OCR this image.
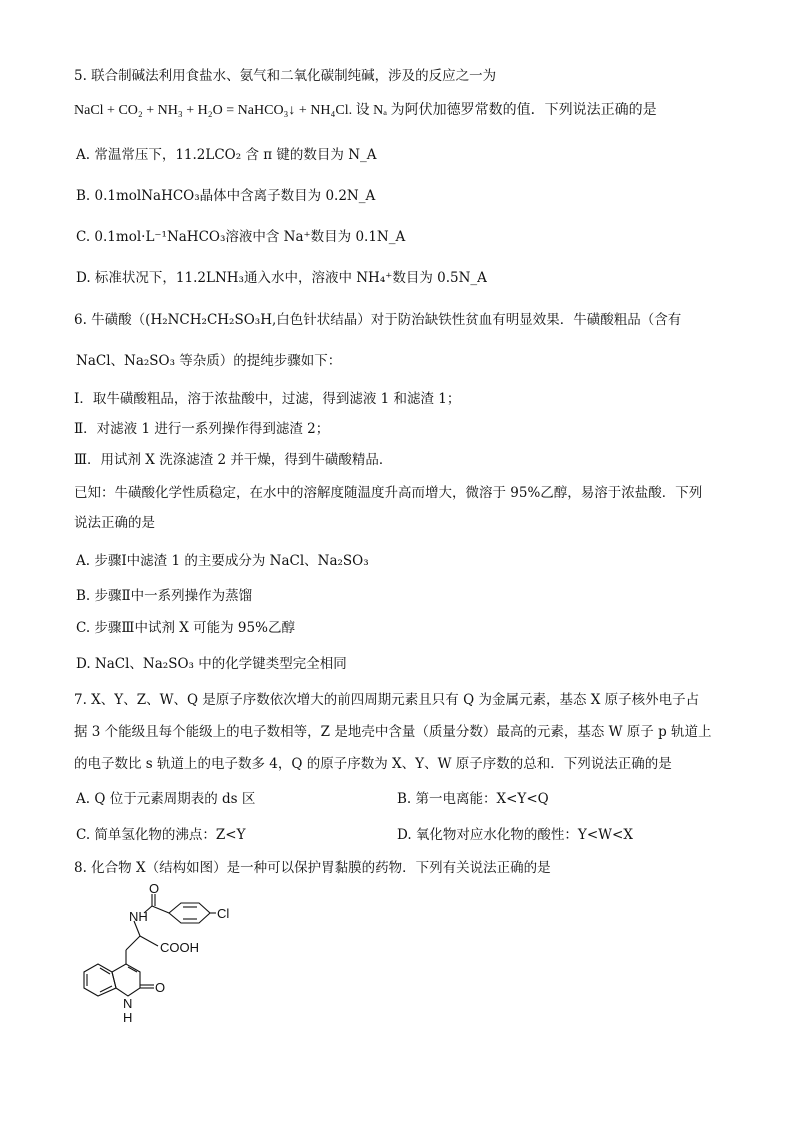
5. 联合制碱法利用食盐水、氨气和二氧化碳制纯碱，涉及的反应之一为
NaCl + CO₂ + NH₃ + H₂O = NaHCO₃↓ + NH₄Cl. 设 Nₐ 为阿伏加德罗常数的值．下列说法正确的是
A. 常温常压下，11.2LCO₂ 含 π 键的数目为 N_A
B. 0.1molNaHCO₃晶体中含离子数目为 0.2N_A
C. 0.1mol·L⁻¹NaHCO₃溶液中含 Na⁺数目为 0.1N_A
D. 标准状况下，11.2LNH₃通入水中，溶液中 NH₄⁺数目为 0.5N_A
6. 牛磺酸（(H₂NCH₂CH₂SO₃H,白色针状结晶）对于防治缺铁性贫血有明显效果．牛磺酸粗品（含有
NaCl、Na₂SO₃ 等杂质）的提纯步骤如下：
Ⅰ．取牛磺酸粗品，溶于浓盐酸中，过滤，得到滤液 1 和滤渣 1；
Ⅱ．对滤液 1 进行一系列操作得到滤渣 2；
Ⅲ．用试剂 X 洗涤滤渣 2 并干燥，得到牛磺酸精品．
已知：牛磺酸化学性质稳定，在水中的溶解度随温度升高而增大，微溶于 95%乙醇，易溶于浓盐酸．下列
说法正确的是
A. 步骤Ⅰ中滤渣 1 的主要成分为 NaCl、Na₂SO₃
B. 步骤Ⅱ中一系列操作为蒸馏
C. 步骤Ⅲ中试剂 X 可能为 95%乙醇
D. NaCl、Na₂SO₃ 中的化学键类型完全相同
7. X、Y、Z、W、Q 是原子序数依次增大的前四周期元素且只有 Q 为金属元素，基态 X 原子核外电子占
据 3 个能级且每个能级上的电子数相等，Z 是地壳中含量（质量分数）最高的元素，基态 W 原子 p 轨道上
的电子数比 s 轨道上的电子数多 4，Q 的原子序数为 X、Y、W 原子序数的总和．下列说法正确的是
A. Q 位于元素周期表的 ds 区	B. 第一电离能：X<Y<Q
C. 简单氢化物的沸点：Z<Y	D. 氧化物对应水化物的酸性：Y<W<X
8. 化合物 X（结构如图）是一种可以保护胃黏膜的药物．下列有关说法正确的是
NH
O
Cl
COOH
O
N
H
